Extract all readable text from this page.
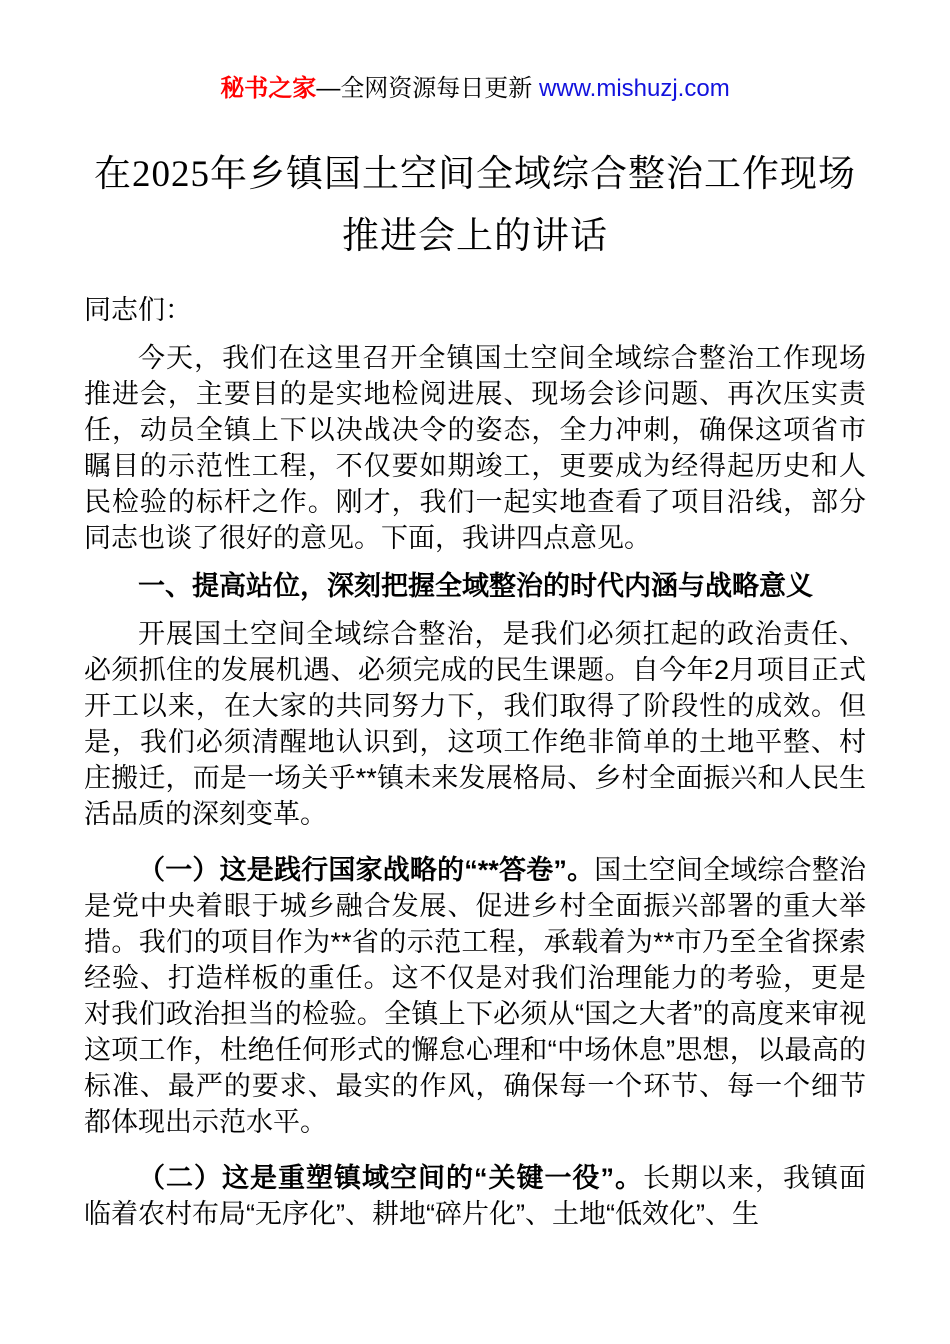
秘书之家—全网资源每日更新 www.mishuzj.com
在2025年乡镇国土空间全域综合整治工作现场
推进会上的讲话
同志们：

今天，我们在这里召开全镇国土空间全域综合整治工作现场推进会，主要目的是实地检阅进展、现场会诊问题、再次压实责任，动员全镇上下以决战决令的姿态，全力冲刺，确保这项省市瞩目的示范性工程，不仅要如期竣工，更要成为经得起历史和人民检验的标杆之作。刚才，我们一起实地查看了项目沿线，部分同志也谈了很好的意见。下面，我讲四点意见。

一、提高站位，深刻把握全域整治的时代内涵与战略意义

开展国土空间全域综合整治，是我们必须扛起的政治责任、必须抓住的发展机遇、必须完成的民生课题。自今年2月项目正式开工以来，在大家的共同努力下，我们取得了阶段性的成效。但是，我们必须清醒地认识到，这项工作绝非简单的土地平整、村庄搬迁，而是一场关乎**镇未来发展格局、乡村全面振兴和人民生活品质的深刻变革。

（一）这是践行国家战略的“**答卷”。国土空间全域综合整治是党中央着眼于城乡融合发展、促进乡村全面振兴部署的重大举措。我们的项目作为**省的示范工程，承载着为**市乃至全省探索经验、打造样板的重任。这不仅是对我们治理能力的考验，更是对我们政治担当的检验。全镇上下必须从“国之大者”的高度来审视这项工作，杜绝任何形式的懈怠心理和“中场休息”思想，以最高的标准、最严的要求、最实的作风，确保每一个环节、每一个细节都体现出示范水平。

（二）这是重塑镇域空间的“关键一役”。长期以来，我镇面临着农村布局“无序化”、耕地“碎片化”、土地“低效化”、生
